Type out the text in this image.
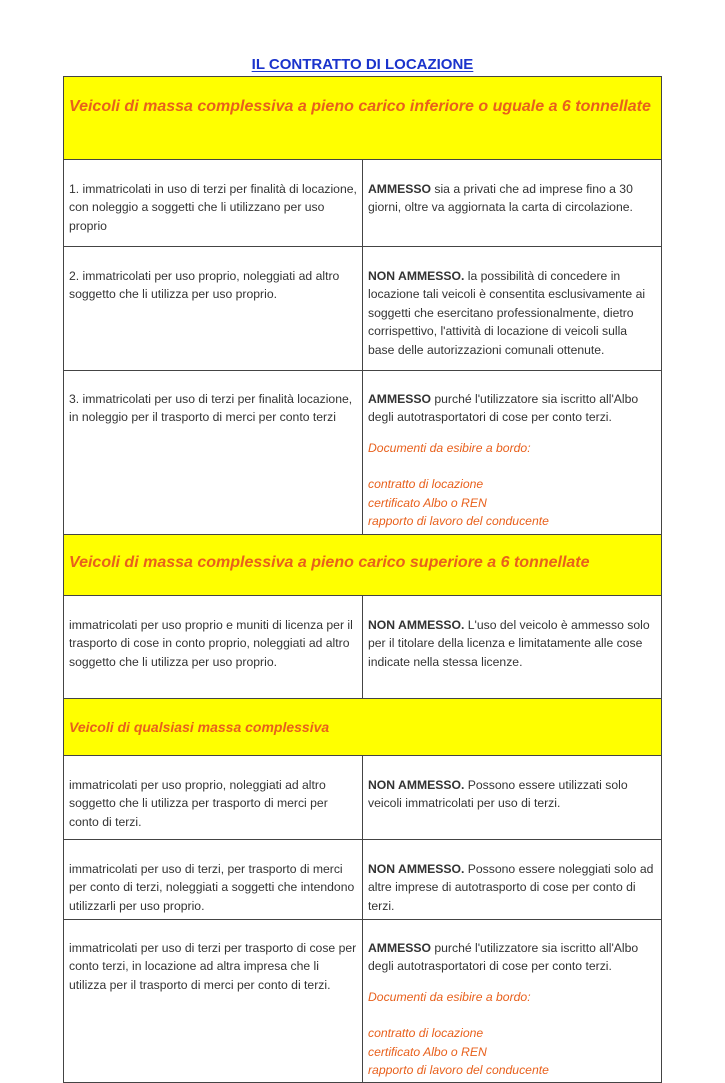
IL CONTRATTO DI LOCAZIONE
Veicoli di massa complessiva a pieno carico inferiore o uguale a 6 tonnellate	
1. immatricolati in uso di terzi per finalità di locazione, con noleggio a soggetti che li utilizzano per uso proprio	AMMESSO sia a privati che ad imprese fino a 30 giorni, oltre va aggiornata la carta di circolazione.
2. immatricolati per uso proprio, noleggiati ad altro soggetto che li utilizza per uso proprio.	NON AMMESSO. la possibilità di concedere in locazione tali veicoli è consentita esclusivamente ai soggetti che esercitano professionalmente, dietro corrispettivo, l'attività di locazione di veicoli sulla base delle autorizzazioni comunali ottenute.
3. immatricolati per uso di terzi per finalità locazione, in noleggio per il trasporto di merci per conto terzi	AMMESSO purché l'utilizzatore sia iscritto all'Albo degli autotrasportatori di cose per conto terzi.
Documenti da esibire a bordo:
contratto di locazione
certificato Albo o REN
rapporto di lavoro del conducente

Veicoli di massa complessiva a pieno carico superiore a 6 tonnellate	
immatricolati per uso proprio e muniti di licenza per il trasporto di cose in conto proprio, noleggiati ad altro soggetto che li utilizza per uso proprio.	NON AMMESSO. L'uso del veicolo è ammesso solo per il titolare della licenza e limitatamente alle cose indicate nella stessa licenze.
Veicoli di qualsiasi massa complessiva	
immatricolati per uso proprio, noleggiati ad altro soggetto che li utilizza per trasporto di merci per conto di terzi.	NON AMMESSO. Possono essere utilizzati solo veicoli immatricolati per uso di terzi.
immatricolati per uso di terzi, per trasporto di merci per conto di terzi, noleggiati a soggetti che intendono utilizzarli per uso proprio.	NON AMMESSO. Possono essere noleggiati solo ad altre imprese di autotrasporto di cose per conto di terzi.
immatricolati per uso di terzi per trasporto di cose per conto terzi, in locazione ad altra impresa che li utilizza per il trasporto di merci per conto di terzi.	AMMESSO purché l'utilizzatore sia iscritto all'Albo degli autotrasportatori di cose per conto terzi.
Documenti da esibire a bordo:
contratto di locazione
certificato Albo o REN
rapporto di lavoro del conducente
